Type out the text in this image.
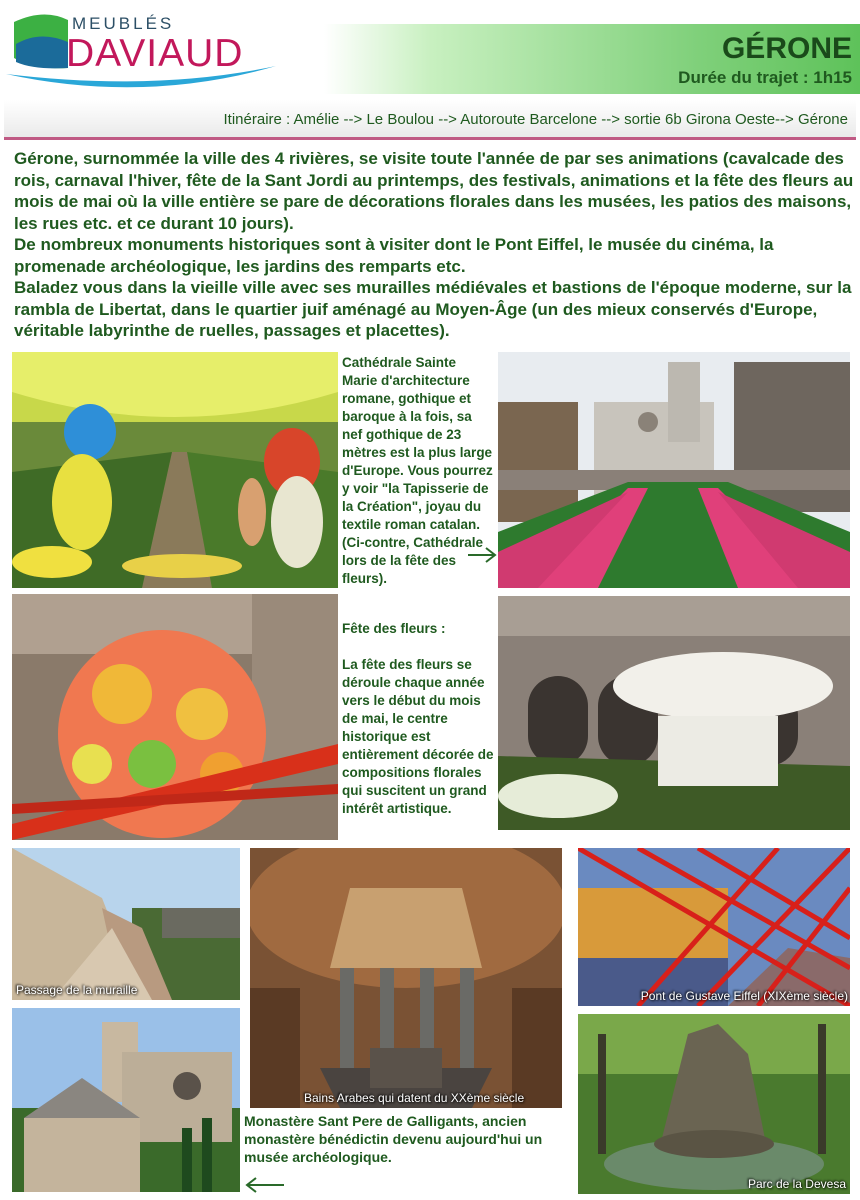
MEUBLÉS
DAVIAUD	GÉRONE
Durée du trajet : 1h15
Itinéraire : Amélie --> Le Boulou --> Autoroute Barcelone --> sortie 6b Girona Oeste--> Gérone

Gérone, surnommée la ville des 4 rivières, se visite toute l'année de par ses animations (cavalcade des rois, carnaval l'hiver, fête de la Sant Jordi au printemps, des festivals, animations et la fête des fleurs au mois de mai où la ville entière se pare de décorations florales dans les musées, les patios des maisons, les rues etc. et ce durant 10 jours).

De nombreux monuments historiques sont à visiter dont le Pont Eiffel, le musée du cinéma, la promenade archéologique, les jardins des remparts etc.

Baladez vous dans la vieille ville avec ses murailles médiévales et bastions de l'époque moderne, sur la rambla de Libertat, dans le quartier juif aménagé au Moyen-Âge (un des mieux conservés d'Europe, véritable labyrinthe de ruelles, passages et placettes).

Cathédrale Sainte Marie d'architecture romane, gothique et baroque à la fois, sa nef gothique de 23 mètres est la plus large d'Europe. Vous pourrez y voir "la Tapisserie de la Création", joyau du textile roman catalan. (Ci-contre, Cathédrale lors de la fête des fleurs).
Fête des fleurs :
La fête des fleurs se déroule chaque année vers le début du mois de mai, le centre historique est entièrement décorée de compositions florales qui suscitent un grand intérêt artistique.
Passage de la muraille
Bains Arabes qui datent du XXème siècle
Pont de Gustave Eiffel (XIXème siècle)
Monastère Sant Pere de Galligants, ancien monastère bénédictin devenu aujourd'hui un musée archéologique.
Parc de la Devesa
